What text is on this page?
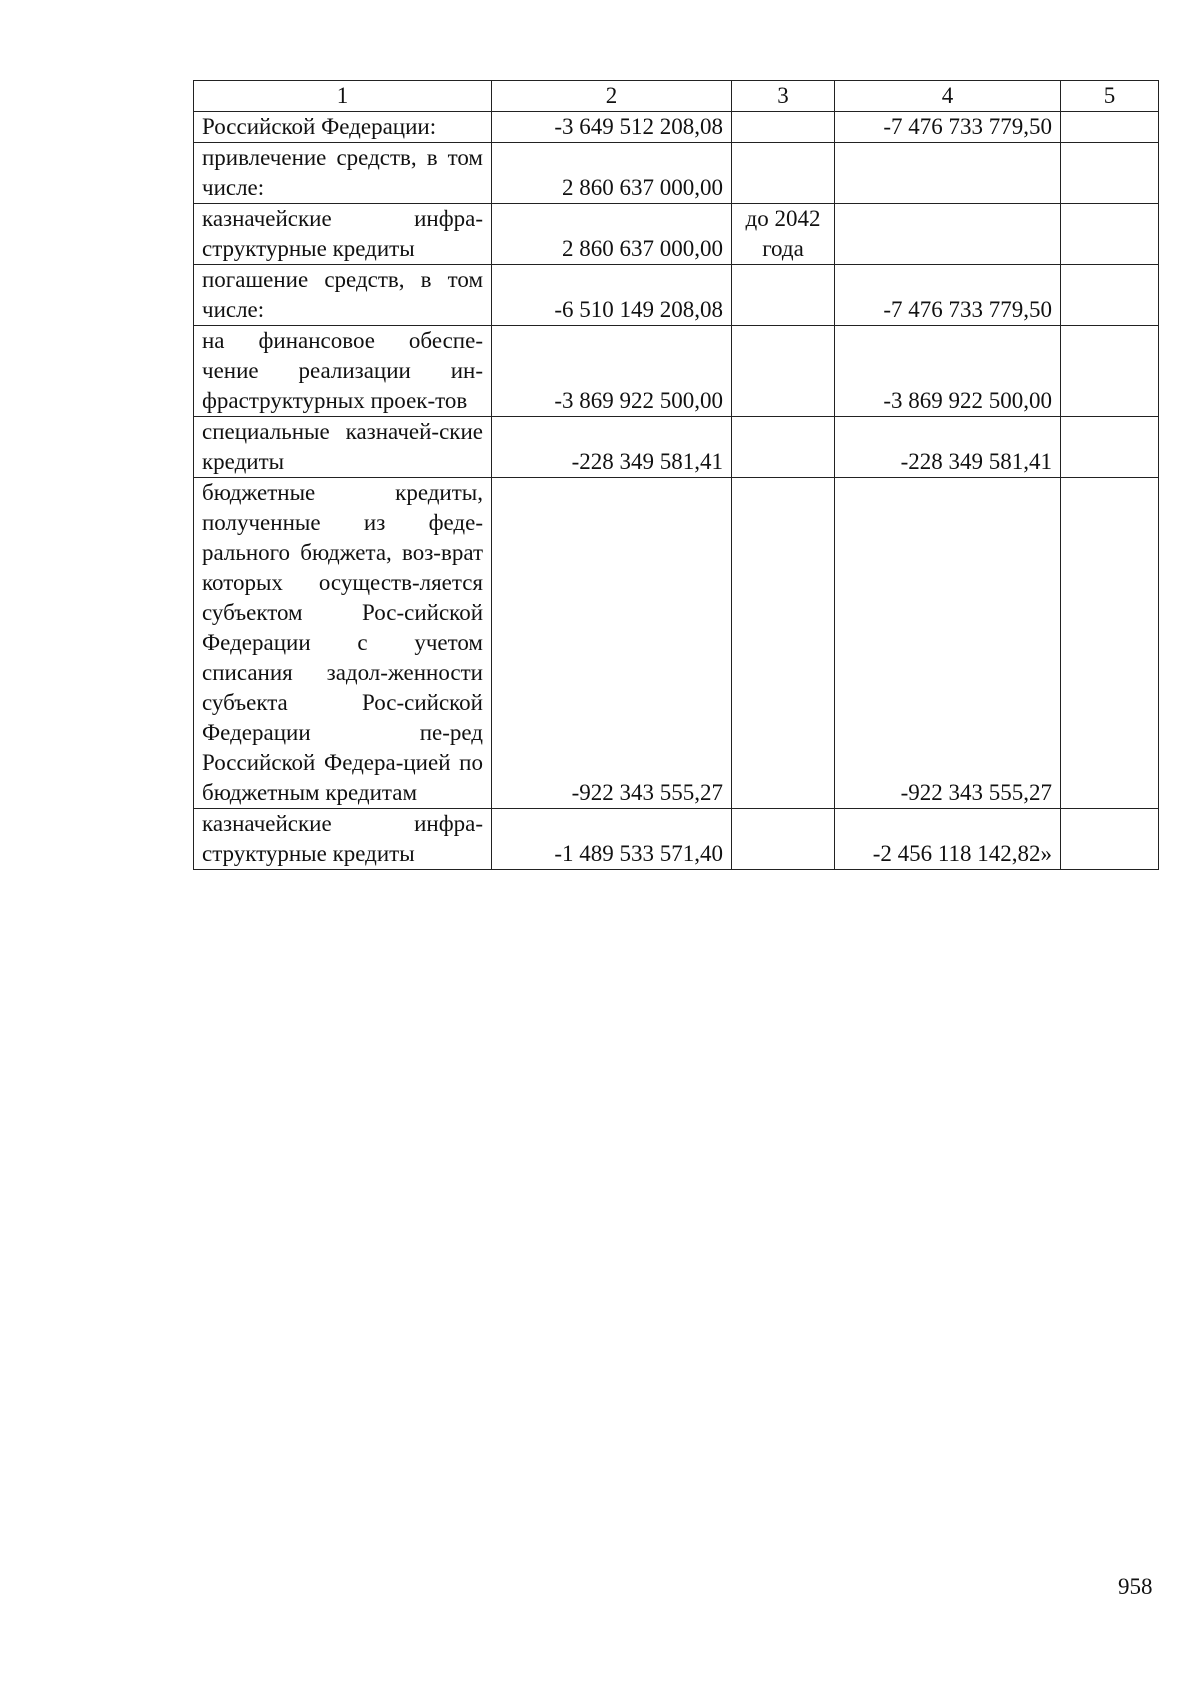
1	2	3	4	5
Российской Федерации:	-3 649 512 208,08		-7 476 733 779,50	
привлечение средств, в том числе:	2 860 637 000,00			
казначейские инфра-структурные кредиты	2 860 637 000,00	до 2042 года		
погашение средств, в том числе:	-6 510 149 208,08		-7 476 733 779,50	
на финансовое обеспе-чение реализации ин-фраструктурных проек-тов	-3 869 922 500,00		-3 869 922 500,00	
специальные казначей-ские кредиты	-228 349 581,41		-228 349 581,41	
бюджетные кредиты, полученные из феде-рального бюджета, воз-врат которых осуществ-ляется субъектом Рос-сийской Федерации с учетом списания задол-женности субъекта Рос-сийской Федерации пе-ред Российской Федера-цией по бюджетным кредитам	-922 343 555,27		-922 343 555,27	
казначейские инфра-структурные кредиты	-1 489 533 571,40		-2 456 118 142,82»	
958
